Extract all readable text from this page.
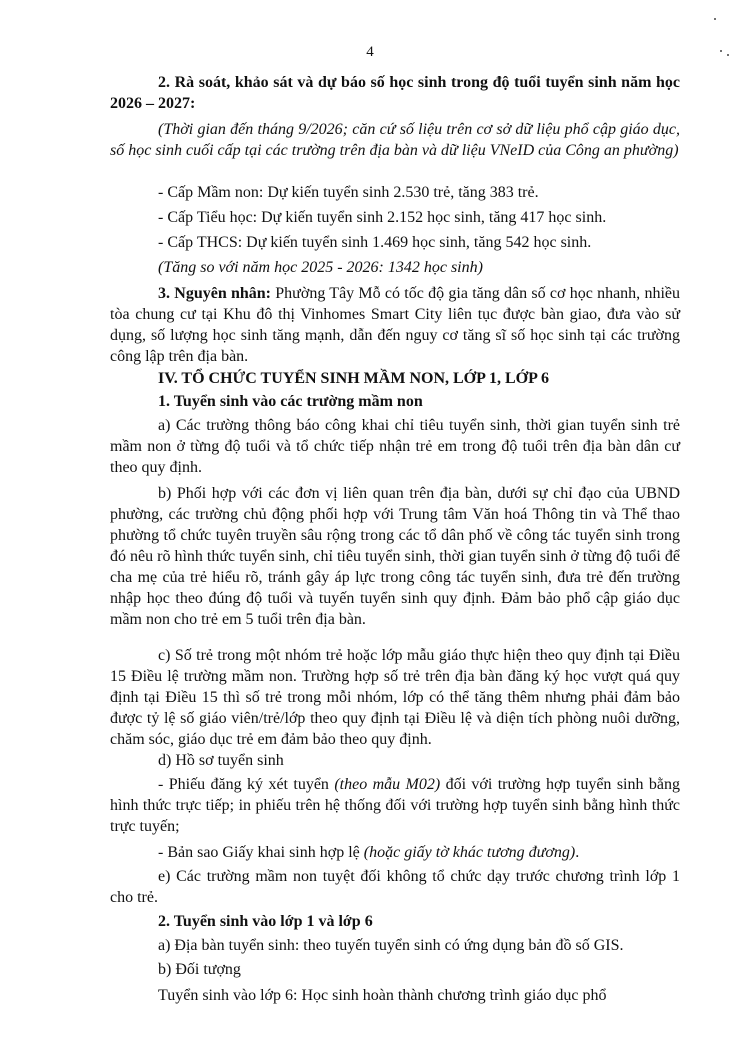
4

2. Rà soát, khảo sát và dự báo số học sinh trong độ tuổi tuyển sinh năm học 2026 – 2027:

(Thời gian đến tháng 9/2026; căn cứ số liệu trên cơ sở dữ liệu phổ cập giáo dục, số học sinh cuối cấp tại các trường trên địa bàn và dữ liệu VNeID của Công an phường)

- Cấp Mầm non: Dự kiến tuyển sinh 2.530 trẻ, tăng 383 trẻ.

- Cấp Tiểu học: Dự kiến tuyển sinh 2.152 học sinh, tăng 417 học sinh.

- Cấp THCS: Dự kiến tuyển sinh 1.469 học sinh, tăng 542 học sinh.

(Tăng so với năm học 2025 - 2026: 1342 học sinh)

3. Nguyên nhân: Phường Tây Mỗ có tốc độ gia tăng dân số cơ học nhanh, nhiều tòa chung cư tại Khu đô thị Vinhomes Smart City liên tục được bàn giao, đưa vào sử dụng, số lượng học sinh tăng mạnh, dẫn đến nguy cơ tăng sĩ số học sinh tại các trường công lập trên địa bàn.

IV. TỔ CHỨC TUYỂN SINH MẦM NON, LỚP 1, LỚP 6

1. Tuyển sinh vào các trường mầm non

a) Các trường thông báo công khai chỉ tiêu tuyển sinh, thời gian tuyển sinh trẻ mầm non ở từng độ tuổi và tổ chức tiếp nhận trẻ em trong độ tuổi trên địa bàn dân cư theo quy định.

b) Phối hợp với các đơn vị liên quan trên địa bàn, dưới sự chỉ đạo của UBND phường, các trường chủ động phối hợp với Trung tâm Văn hoá Thông tin và Thể thao phường tổ chức tuyên truyền sâu rộng trong các tổ dân phố về công tác tuyển sinh trong đó nêu rõ hình thức tuyển sinh, chỉ tiêu tuyển sinh, thời gian tuyển sinh ở từng độ tuổi để cha mẹ của trẻ hiểu rõ, tránh gây áp lực trong công tác tuyển sinh, đưa trẻ đến trường nhập học theo đúng độ tuổi và tuyến tuyển sinh quy định. Đảm bảo phổ cập giáo dục mầm non cho trẻ em 5 tuổi trên địa bàn.

c) Số trẻ trong một nhóm trẻ hoặc lớp mẫu giáo thực hiện theo quy định tại Điều 15 Điều lệ trường mầm non. Trường hợp số trẻ trên địa bàn đăng ký học vượt quá quy định tại Điều 15 thì số trẻ trong mỗi nhóm, lớp có thể tăng thêm nhưng phải đảm bảo được tỷ lệ số giáo viên/trẻ/lớp theo quy định tại Điều lệ và diện tích phòng nuôi dưỡng, chăm sóc, giáo dục trẻ em đảm bảo theo quy định.

d) Hồ sơ tuyển sinh

- Phiếu đăng ký xét tuyển (theo mẫu M02) đối với trường hợp tuyển sinh bằng hình thức trực tiếp; in phiếu trên hệ thống đối với trường hợp tuyển sinh bằng hình thức trực tuyến;

- Bản sao Giấy khai sinh hợp lệ (hoặc giấy tờ khác tương đương).

e) Các trường mầm non tuyệt đối không tổ chức dạy trước chương trình lớp 1 cho trẻ.

2. Tuyển sinh vào lớp 1 và lớp 6

a) Địa bàn tuyển sinh: theo tuyến tuyển sinh có ứng dụng bản đồ số GIS.

b) Đối tượng

Tuyển sinh vào lớp 6: Học sinh hoàn thành chương trình giáo dục phổ
